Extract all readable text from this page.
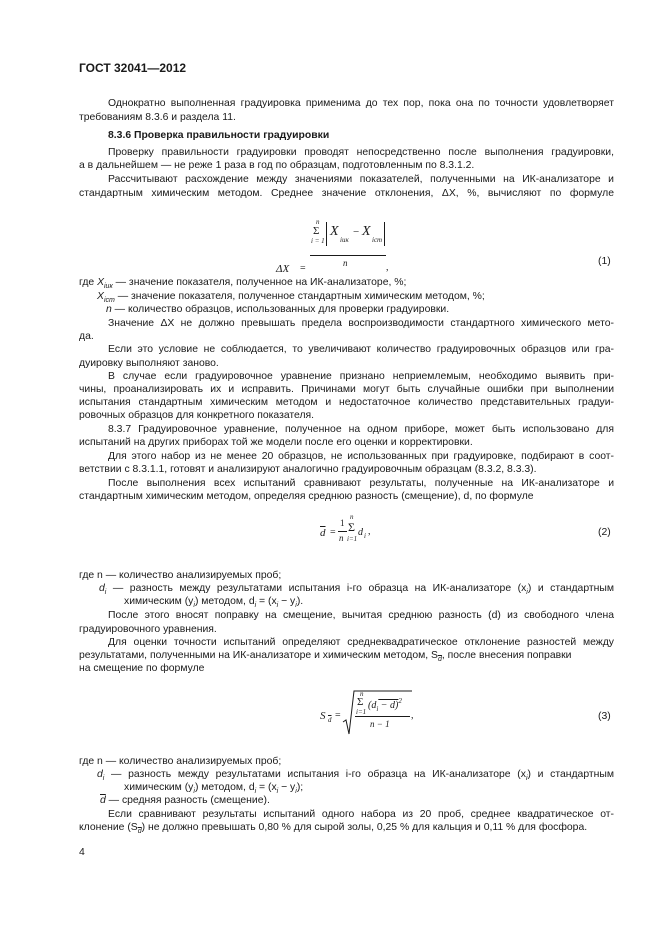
ГОСТ 32041—2012
Однократно выполненная градуировка применима до тех пор, пока она по точности удовлетворяет
требованиям 8.3.6 и раздела 11.
8.3.6 Проверка правильности градуировки
Проверку правильности градуировки проводят непосредственно после выполнения градуировки,
а в дальнейшем — не реже 1 раза в год по образцам, подготовленным по 8.3.1.2.
Рассчитывают расхождение между значениями показателей, полученными на ИК-анализаторе и
стандартным химическим методом. Среднее значение отклонения, ΔX, %, вычисляют по формуле
ΔX =
n
Σ
i = 1
X
iик
− X
iст
n	,
(1)
где $X_{iик}$ — значение показателя, полученное на ИК-анализаторе, %;
$X_{iст}$ — значение показателя, полученное стандартным химическим методом, %;
n — количество образцов, использованных для проверки градуировки.
Значение ΔX не должно превышать предела воспроизводимости стандартного химического мето-
да.
Если это условие не соблюдается, то увеличивают количество градуировочных образцов или гра-
дуировку выполняют заново.
В случае если градуировочное уравнение признано неприемлемым, необходимо выявить при-
чины, проанализировать их и исправить. Причинами могут быть случайные ошибки при выполнении
испытания стандартным химическим методом и недостаточное количество представительных градуи-
ровочных образцов для конкретного показателя.
8.3.7 Градуировочное уравнение, полученное на одном приборе, может быть использовано для
испытаний на других приборах той же модели после его оценки и корректировки.
Для этого набор из не менее 20 образцов, не использованных при градуировке, подбирают в соот-
ветствии с 8.3.1.1, готовят и анализируют аналогично градуировочным образцам (8.3.2, 8.3.3).
После выполнения всех испытаний сравнивают результаты, полученные на ИК-анализаторе и
стандартным химическим методом, определяя среднюю разность (смещение), d, по формуле
$\overline{d}$ =
1
n
n
Σ
i=1
d i ,	(2)
где n — количество анализируемых проб;
$d_i$ — разность между результатами испытания i-го образца на ИК-анализаторе $(x_i)$ и стандартным
химическим $(y_i)$ методом, $d_i = (x_i - y_i)$.
После этого вносят поправку на смещение, вычитая среднюю разность (d) из свободного члена
градуировочного уравнения.
Для оценки точности испытаний определяют среднеквадратическое отклонение разностей между
результатами, полученными на ИК-анализаторе и химическим методом, $S_{\overline{d}}$, после внесения поправки
на смещение по формуле
S $\overline{d}$ =
n
Σ
i=1
$(d_i - d)^2$
n − 1
,	(3)
где n — количество анализируемых проб;
$d_i$ — разность между результатами испытания i-го образца на ИК-анализаторе $(x_i)$ и стандартным
химическим $(y_i)$ методом, $d_i = (x_i - y_i)$;
$\overline{d}$ — средняя разность (смещение).
Если сравнивают результаты испытаний одного набора из 20 проб, среднее квадратическое от-
клонение $(S_{\overline{d}})$ не должно превышать 0,80 % для сырой золы, 0,25 % для кальция и 0,11 % для фосфора.
4
